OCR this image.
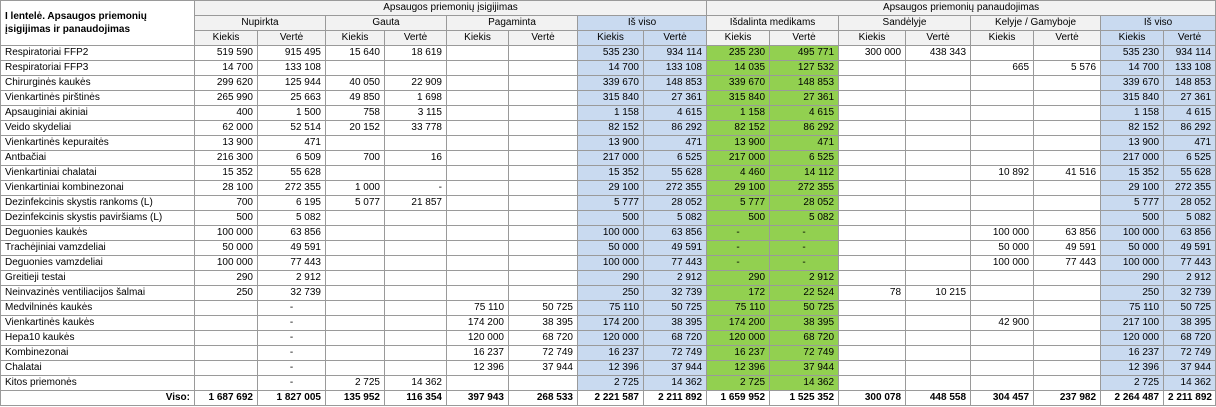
I lentelė. Apsaugos priemonių įsigijimas ir panaudojimas	Apsaugos priemonių įsigijimas								Apsaugos priemonių panaudojimas							
	Nupirkta		Gauta		Pagaminta		Iš viso		Išdalinta medikams		Sandėlyje		Kelyje / Gamyboje		Iš viso	
	Kiekis	Vertė	Kiekis	Vertė	Kiekis	Vertė	Kiekis	Vertė	Kiekis	Vertė	Kiekis	Vertė	Kiekis	Vertė	Kiekis	Vertė
Respiratoriai FFP2	519 590	915 495	15 640	18 619			535 230	934 114	235 230	495 771	300 000	438 343			535 230	934 114
Respiratoriai FFP3	14 700	133 108					14 700	133 108	14 035	127 532			665	5 576	14 700	133 108
Chirurginės kaukės	299 620	125 944	40 050	22 909			339 670	148 853	339 670	148 853					339 670	148 853
Vienkartinės pirštinės	265 990	25 663	49 850	1 698			315 840	27 361	315 840	27 361					315 840	27 361
Apsauginiai akiniai	400	1 500	758	3 115			1 158	4 615	1 158	4 615					1 158	4 615
Veido skydeliai	62 000	52 514	20 152	33 778			82 152	86 292	82 152	86 292					82 152	86 292
Vienkartinės kepuraitės	13 900	471					13 900	471	13 900	471					13 900	471
Antbačiai	216 300	6 509	700	16			217 000	6 525	217 000	6 525					217 000	6 525
Vienkartiniai chalatai	15 352	55 628					15 352	55 628	4 460	14 112			10 892	41 516	15 352	55 628
Vienkartiniai kombinezonai	28 100	272 355	1 000	-			29 100	272 355	29 100	272 355					29 100	272 355
Dezinfekcinis skystis rankoms (L)	700	6 195	5 077	21 857			5 777	28 052	5 777	28 052					5 777	28 052
Dezinfekcinis skystis paviršiams (L)	500	5 082					500	5 082	500	5 082					500	5 082
Deguonies kaukės	100 000	63 856					100 000	63 856	-	-			100 000	63 856	100 000	63 856
Trachėjiniai vamzdeliai	50 000	49 591					50 000	49 591	-	-			50 000	49 591	50 000	49 591
Deguonies vamzdeliai	100 000	77 443					100 000	77 443	-	-			100 000	77 443	100 000	77 443
Greitieji testai	290	2 912					290	2 912	290	2 912					290	2 912
Neinvazinės ventiliacijos šalmai	250	32 739					250	32 739	172	22 524	78	10 215			250	32 739
Medvilninės kaukės		-			75 110	50 725	75 110	50 725	75 110	50 725					75 110	50 725
Vienkartinės kaukės		-			174 200	38 395	174 200	38 395	174 200	38 395			42 900		217 100	38 395
Hepa10 kaukės		-			120 000	68 720	120 000	68 720	120 000	68 720					120 000	68 720
Kombinezonai		-			16 237	72 749	16 237	72 749	16 237	72 749					16 237	72 749
Chalatai		-			12 396	37 944	12 396	37 944	12 396	37 944					12 396	37 944
Kitos priemonės		-	2 725	14 362			2 725	14 362	2 725	14 362					2 725	14 362
Viso:	1 687 692	1 827 005	135 952	116 354	397 943	268 533	2 221 587	2 211 892	1 659 952	1 525 352	300 078	448 558	304 457	237 982	2 264 487	2 211 892
